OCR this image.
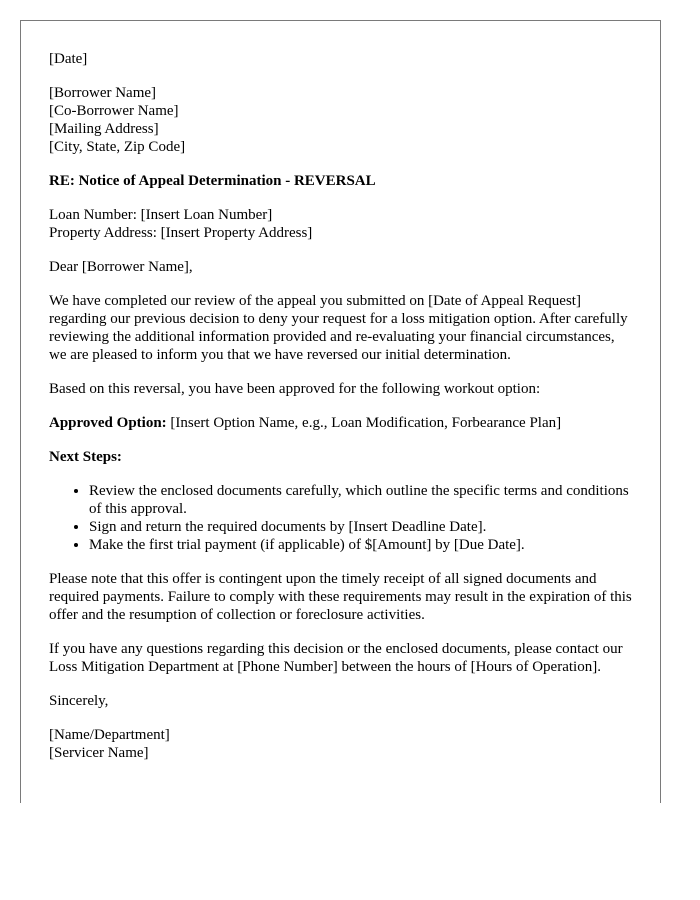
[Date]

[Borrower Name]
[Co-Borrower Name]
[Mailing Address]
[City, State, Zip Code]

RE: Notice of Appeal Determination - REVERSAL

Loan Number: [Insert Loan Number]
Property Address: [Insert Property Address]

Dear [Borrower Name],

We have completed our review of the appeal you submitted on [Date of Appeal Request] regarding our previous decision to deny your request for a loss mitigation option. After carefully reviewing the additional information provided and re-evaluating your financial circumstances, we are pleased to inform you that we have reversed our initial determination.

Based on this reversal, you have been approved for the following workout option:

Approved Option: [Insert Option Name, e.g., Loan Modification, Forbearance Plan]

Next Steps:

• Review the enclosed documents carefully, which outline the specific terms and conditions of this approval.
• Sign and return the required documents by [Insert Deadline Date].
• Make the first trial payment (if applicable) of $[Amount] by [Due Date].

Please note that this offer is contingent upon the timely receipt of all signed documents and required payments. Failure to comply with these requirements may result in the expiration of this offer and the resumption of collection or foreclosure activities.

If you have any questions regarding this decision or the enclosed documents, please contact our Loss Mitigation Department at [Phone Number] between the hours of [Hours of Operation].

Sincerely,

[Name/Department]
[Servicer Name]
